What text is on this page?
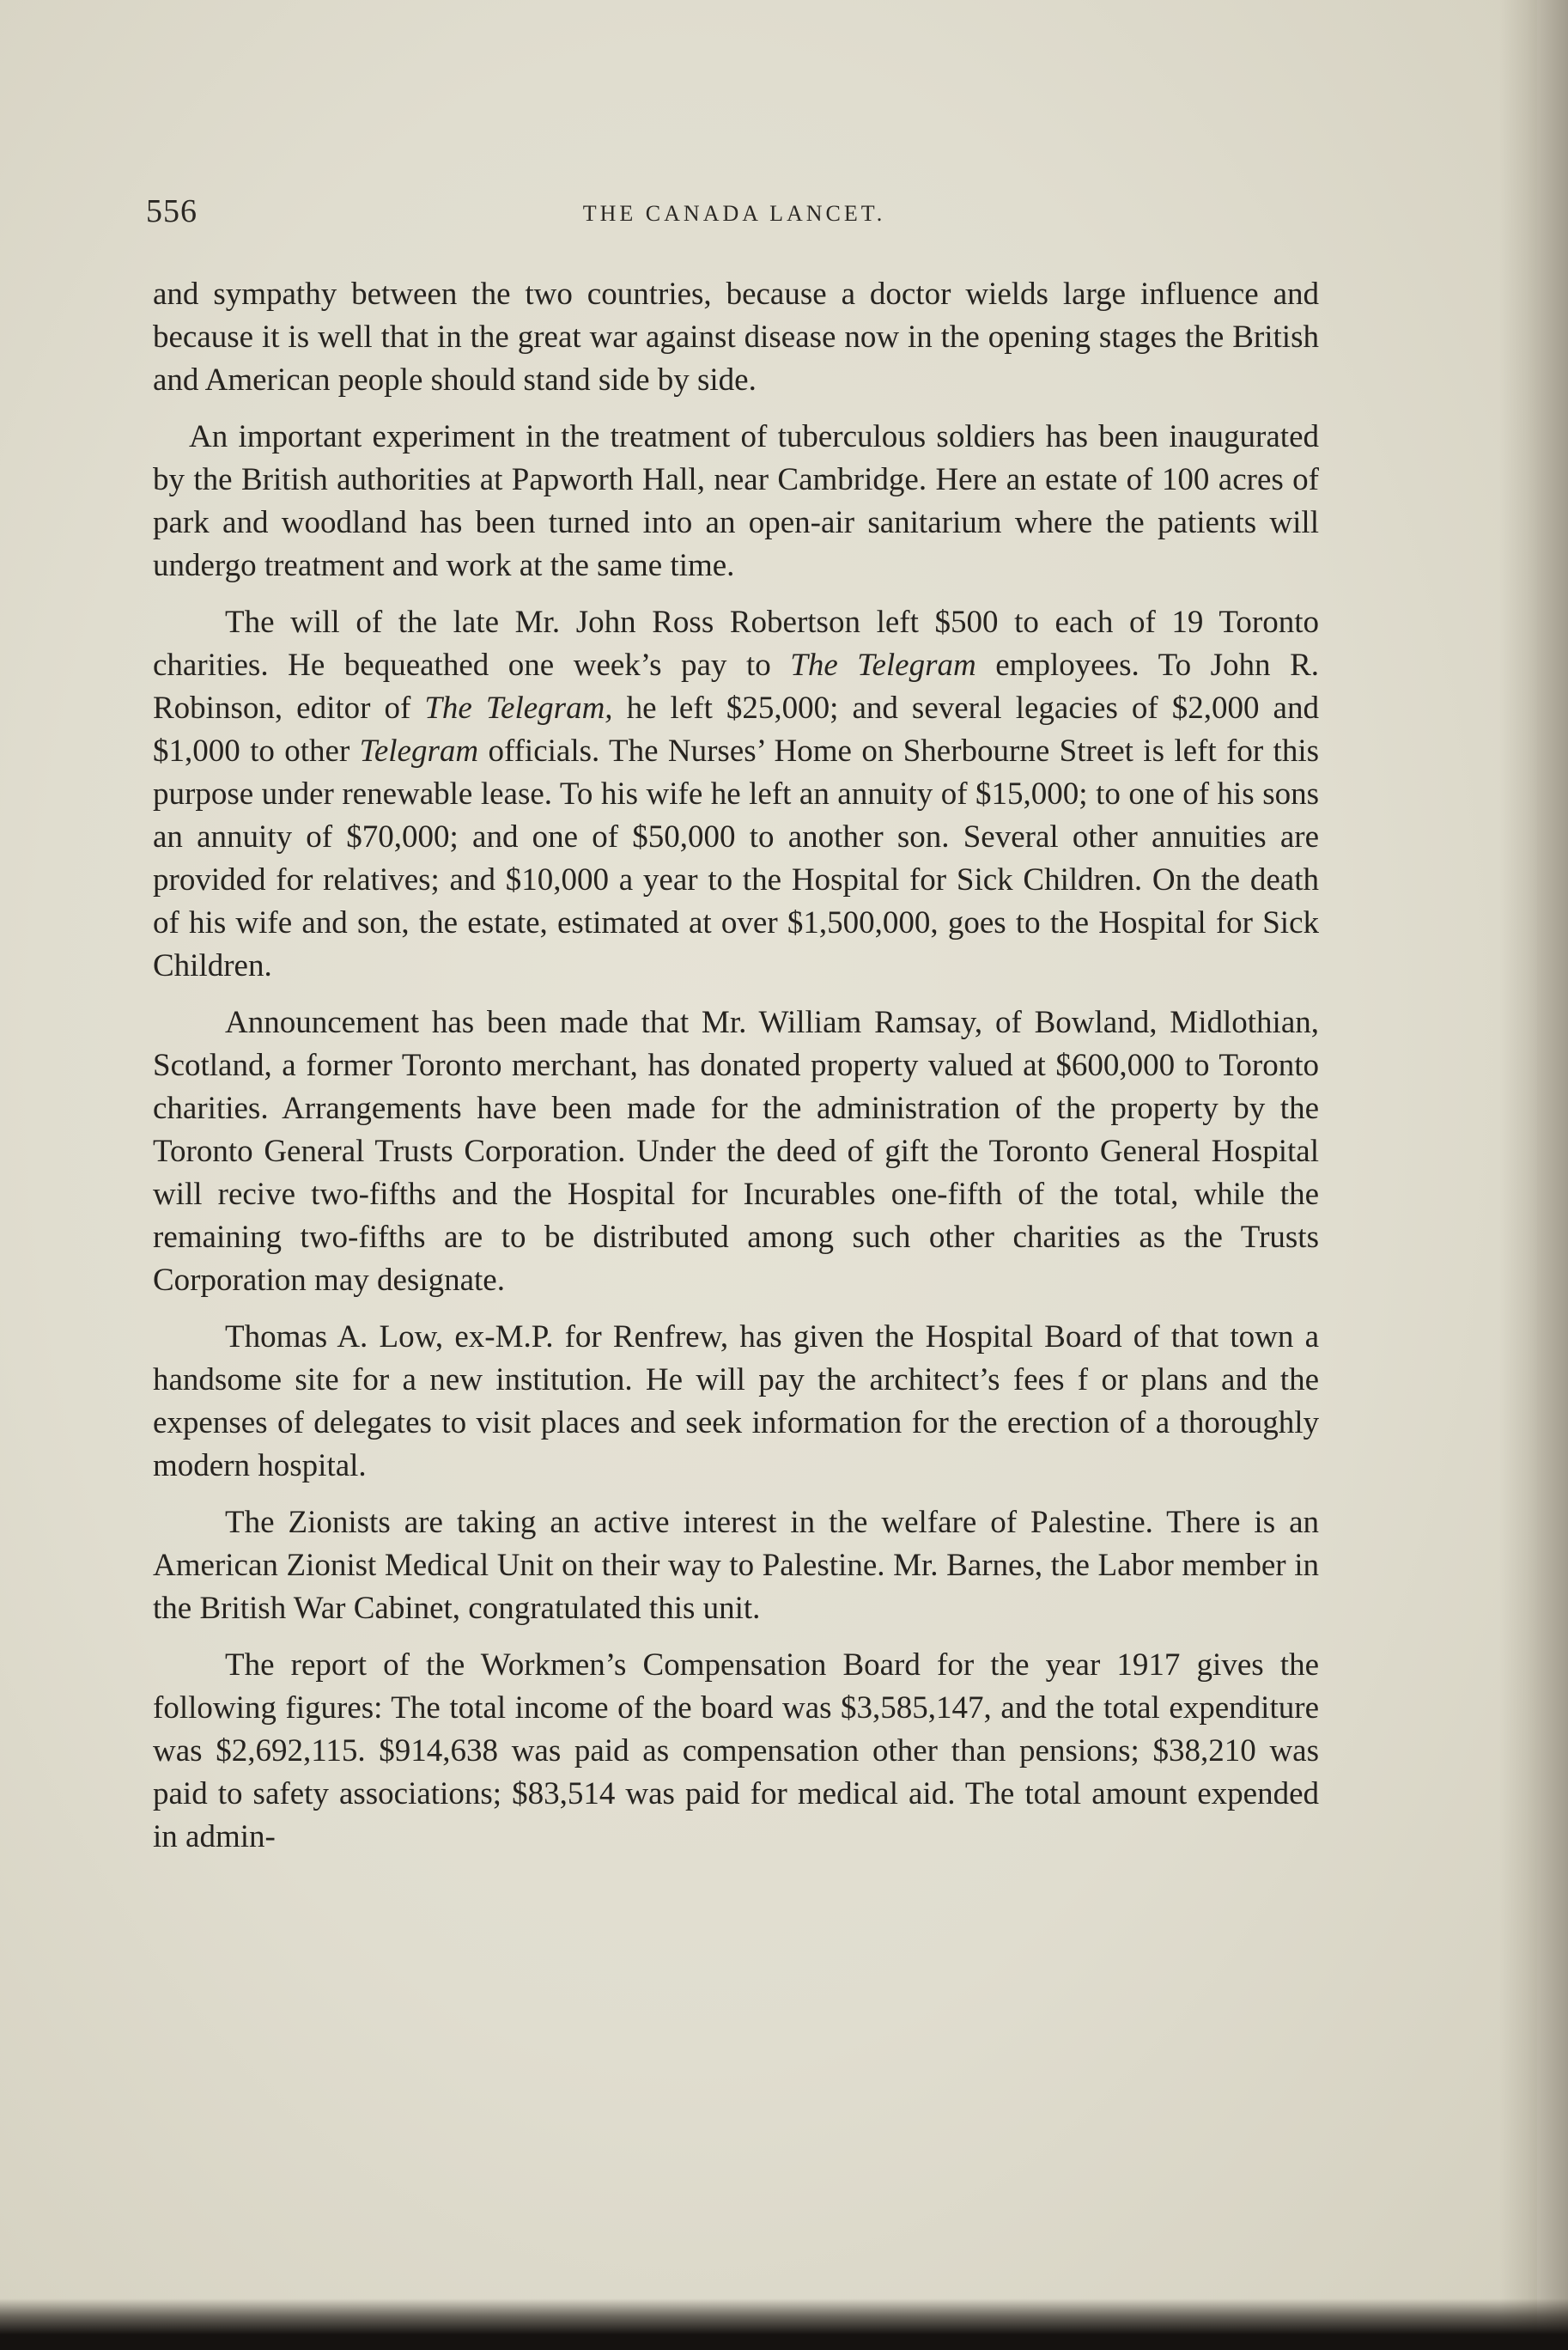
556	THE CANADA LANCET.

and sympathy between the two countries, because a doctor wields large influence and because it is well that in the great war against disease now in the opening stages the British and American people should stand side by side.

An important experiment in the treatment of tuberculous soldiers has been inaugurated by the British authorities at Papworth Hall, near Cambridge. Here an estate of 100 acres of park and woodland has been turned into an open-air sanitarium where the patients will undergo treatment and work at the same time.

The will of the late Mr. John Ross Robertson left $500 to each of 19 Toronto charities. He bequeathed one week’s pay to The Telegram employees. To John R. Robinson, editor of The Telegram, he left $25,000; and several legacies of $2,000 and $1,000 to other Telegram officials. The Nurses’ Home on Sherbourne Street is left for this purpose under renewable lease. To his wife he left an annuity of $15,000; to one of his sons an annuity of $70,000; and one of $50,000 to another son. Several other annuities are provided for relatives; and $10,000 a year to the Hospital for Sick Children. On the death of his wife and son, the estate, estimated at over $1,500,000, goes to the Hospital for Sick Children.

Announcement has been made that Mr. William Ramsay, of Bowland, Midlothian, Scotland, a former Toronto merchant, has donated property valued at $600,000 to Toronto charities. Arrangements have been made for the administration of the property by the Toronto General Trusts Corporation. Under the deed of gift the Toronto General Hospital will recive two-fifths and the Hospital for Incurables one-fifth of the total, while the remaining two-fifths are to be distributed among such other charities as the Trusts Corporation may designate.

Thomas A. Low, ex-M.P. for Renfrew, has given the Hospital Board of that town a handsome site for a new institution. He will pay the architect’s fees f or plans and the expenses of delegates to visit places and seek information for the erection of a thoroughly modern hospital.

The Zionists are taking an active interest in the welfare of Palestine. There is an American Zionist Medical Unit on their way to Palestine. Mr. Barnes, the Labor member in the British War Cabinet, congratulated this unit.

The report of the Workmen’s Compensation Board for the year 1917 gives the following figures: The total income of the board was $3,585,147, and the total expenditure was $2,692,115. $914,638 was paid as compensation other than pensions; $38,210 was paid to safety associations; $83,514 was paid for medical aid. The total amount expended in admin-
